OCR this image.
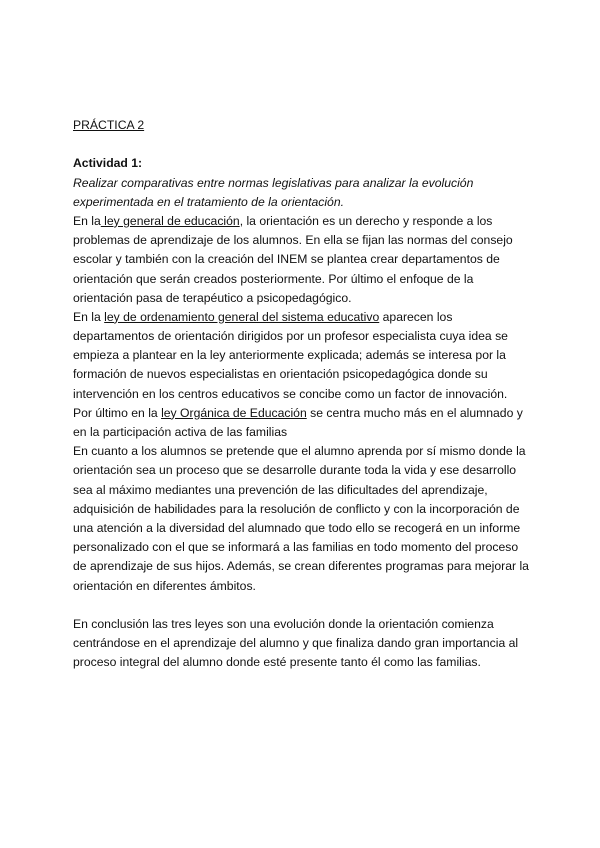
PRÁCTICA 2
Actividad 1:
Realizar comparativas entre normas legislativas para analizar la evolución
experimentada en el tratamiento de la orientación.
En la ley general de educación, la orientación es un derecho y responde a los
problemas de aprendizaje de los alumnos. En ella se fijan las normas del consejo
escolar y también con la creación del INEM se plantea crear departamentos de
orientación que serán creados posteriormente. Por último el enfoque de la
orientación pasa de terapéutico a psicopedagógico.
En la ley de ordenamiento general del sistema educativo aparecen los
departamentos de orientación dirigidos por un profesor especialista cuya idea se
empieza a plantear en la ley anteriormente explicada; además se interesa por la
formación de nuevos especialistas en orientación psicopedagógica donde su
intervención en los centros educativos se concibe como un factor de innovación.
Por último en la ley Orgánica de Educación se centra mucho más en el alumnado y
en la participación activa de las familias
En cuanto a los alumnos se pretende que el alumno aprenda por sí mismo donde la
orientación sea un proceso que se desarrolle durante toda la vida y ese desarrollo
sea al máximo mediantes una prevención de las dificultades del aprendizaje,
adquisición de habilidades para la resolución de conflicto y con la incorporación de
una atención a la diversidad del alumnado que todo ello se recogerá en un informe
personalizado con el que se informará a las familias en todo momento del proceso
de aprendizaje de sus hijos. Además, se crean diferentes programas para mejorar la
orientación en diferentes ámbitos.
En conclusión las tres leyes son una evolución donde la orientación comienza
centrándose en el aprendizaje del alumno y que finaliza dando gran importancia al
proceso integral del alumno donde esté presente tanto él como las familias.
